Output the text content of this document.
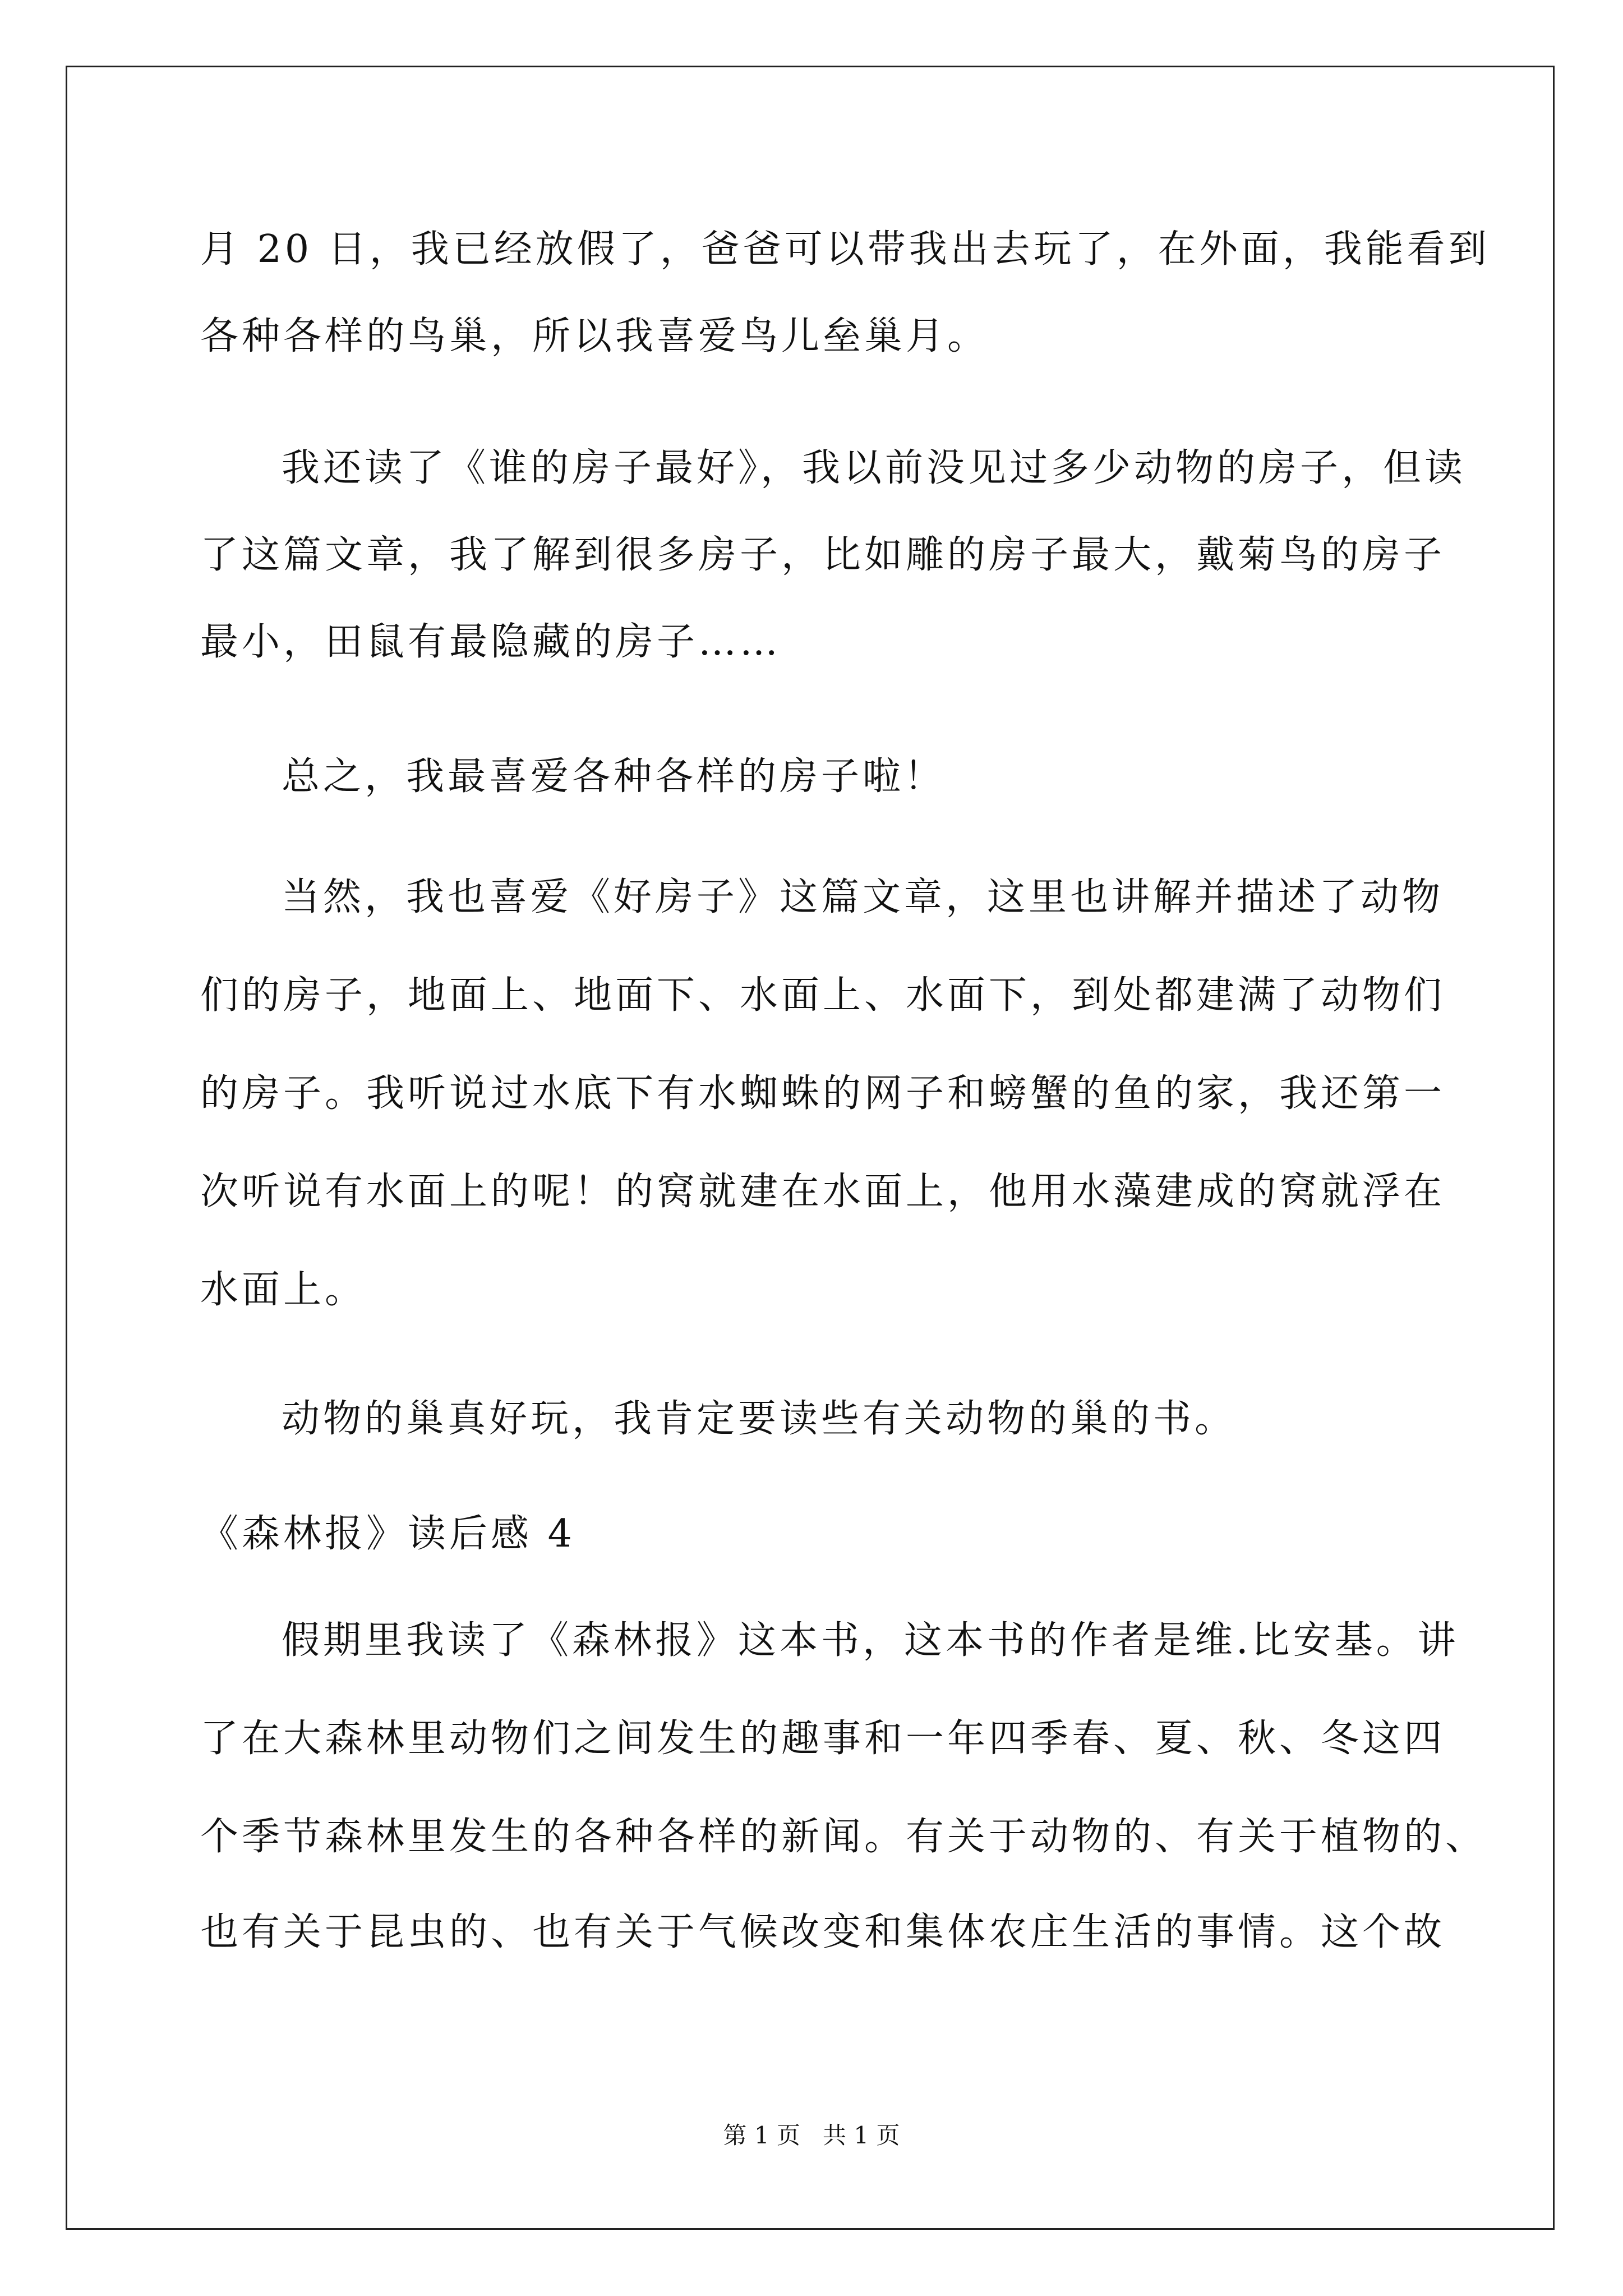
月 20 日，我已经放假了，爸爸可以带我出去玩了，在外面，我能看到
各种各样的鸟巢，所以我喜爱鸟儿垒巢月。
我还读了《谁的房子最好》，我以前没见过多少动物的房子，但读
了这篇文章，我了解到很多房子，比如雕的房子最大，戴菊鸟的房子
最小，田鼠有最隐藏的房子……
总之，我最喜爱各种各样的房子啦！
当然，我也喜爱《好房子》这篇文章，这里也讲解并描述了动物
们的房子，地面上、地面下、水面上、水面下，到处都建满了动物们
的房子。我听说过水底下有水蜘蛛的网子和螃蟹的鱼的家，我还第一
次听说有水面上的呢！的窝就建在水面上，他用水藻建成的窝就浮在
水面上。
动物的巢真好玩，我肯定要读些有关动物的巢的书。
《森林报》读后感 4
假期里我读了《森林报》这本书，这本书的作者是维.比安基。讲
了在大森林里动物们之间发生的趣事和一年四季春、夏、秋、冬这四
个季节森林里发生的各种各样的新闻。有关于动物的、有关于植物的、
也有关于昆虫的、也有关于气候改变和集体农庄生活的事情。这个故
第 1 页   共 1 页
